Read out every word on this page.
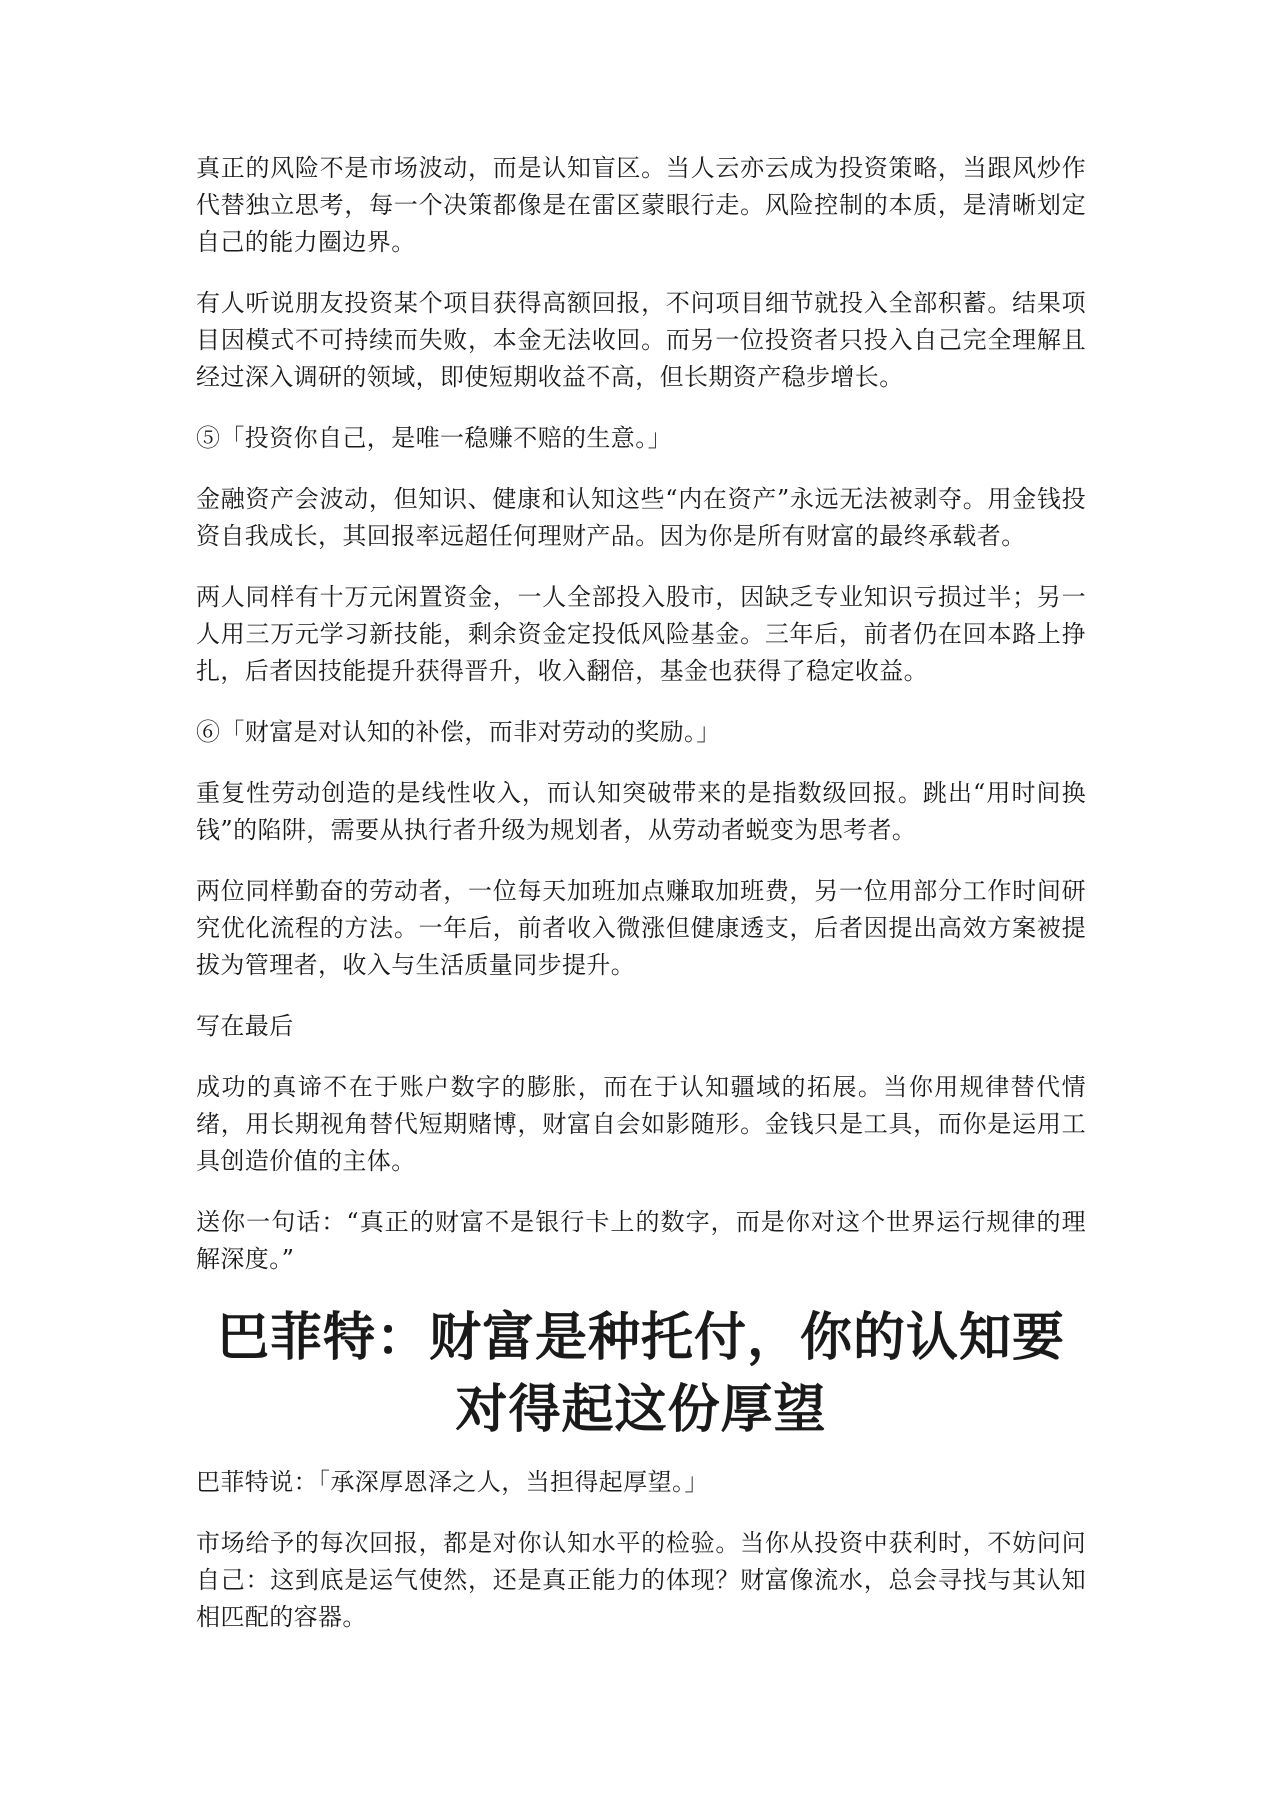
真正的风险不是市场波动，而是认知盲区。当人云亦云成为投资策略，当跟风炒作代替独立思考，每一个决策都像是在雷区蒙眼行走。风险控制的本质，是清晰划定自己的能力圈边界。

有人听说朋友投资某个项目获得高额回报，不问项目细节就投入全部积蓄。结果项目因模式不可持续而失败，本金无法收回。而另一位投资者只投入自己完全理解且经过深入调研的领域，即使短期收益不高，但长期资产稳步增长。

⑤「投资你自己，是唯一稳赚不赔的生意。」

金融资产会波动，但知识、健康和认知这些“内在资产”永远无法被剥夺。用金钱投资自我成长，其回报率远超任何理财产品。因为你是所有财富的最终承载者。

两人同样有十万元闲置资金，一人全部投入股市，因缺乏专业知识亏损过半；另一人用三万元学习新技能，剩余资金定投低风险基金。三年后，前者仍在回本路上挣扎，后者因技能提升获得晋升，收入翻倍，基金也获得了稳定收益。

⑥「财富是对认知的补偿，而非对劳动的奖励。」

重复性劳动创造的是线性收入，而认知突破带来的是指数级回报。跳出“用时间换钱”的陷阱，需要从执行者升级为规划者，从劳动者蜕变为思考者。

两位同样勤奋的劳动者，一位每天加班加点赚取加班费，另一位用部分工作时间研究优化流程的方法。一年后，前者收入微涨但健康透支，后者因提出高效方案被提拔为管理者，收入与生活质量同步提升。

写在最后

成功的真谛不在于账户数字的膨胀，而在于认知疆域的拓展。当你用规律替代情绪，用长期视角替代短期赌博，财富自会如影随形。金钱只是工具，而你是运用工具创造价值的主体。

送你一句话：“真正的财富不是银行卡上的数字，而是你对这个世界运行规律的理解深度。”

巴菲特：财富是种托付，你的认知要对得起这份厚望

巴菲特说：「承深厚恩泽之人，当担得起厚望。」

市场给予的每次回报，都是对你认知水平的检验。当你从投资中获利时，不妨问问自己：这到底是运气使然，还是真正能力的体现？财富像流水，总会寻找与其认知相匹配的容器。
